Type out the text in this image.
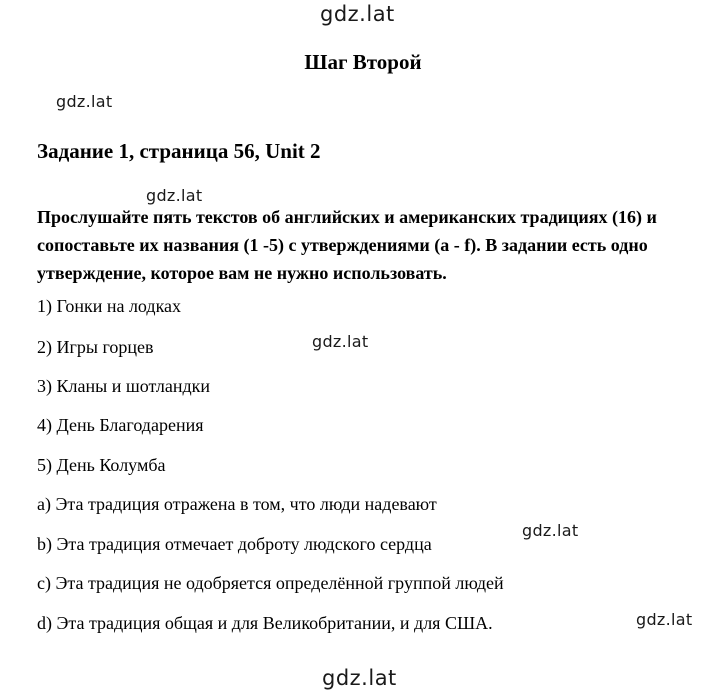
gdz.lat
gdz.lat
gdz.lat
gdz.lat
gdz.lat
gdz.lat
gdz.lat
Шаг Второй
Задание 1, страница 56, Unit 2
Прослушайте пять текстов об английских и американских традициях (16) и сопоставьте их названия (1 -5) с утверждениями (a - f). В задании есть одно утверждение, которое вам не нужно использовать.
1) Гонки на лодках
2) Игры горцев
3) Кланы и шотландки
4) День Благодарения
5) День Колумба
a) Эта традиция отражена в том, что люди надевают
b) Эта традиция отмечает доброту людского сердца
c) Эта традиция не одобряется определённой группой людей
d) Эта традиция общая и для Великобритании, и для США.
